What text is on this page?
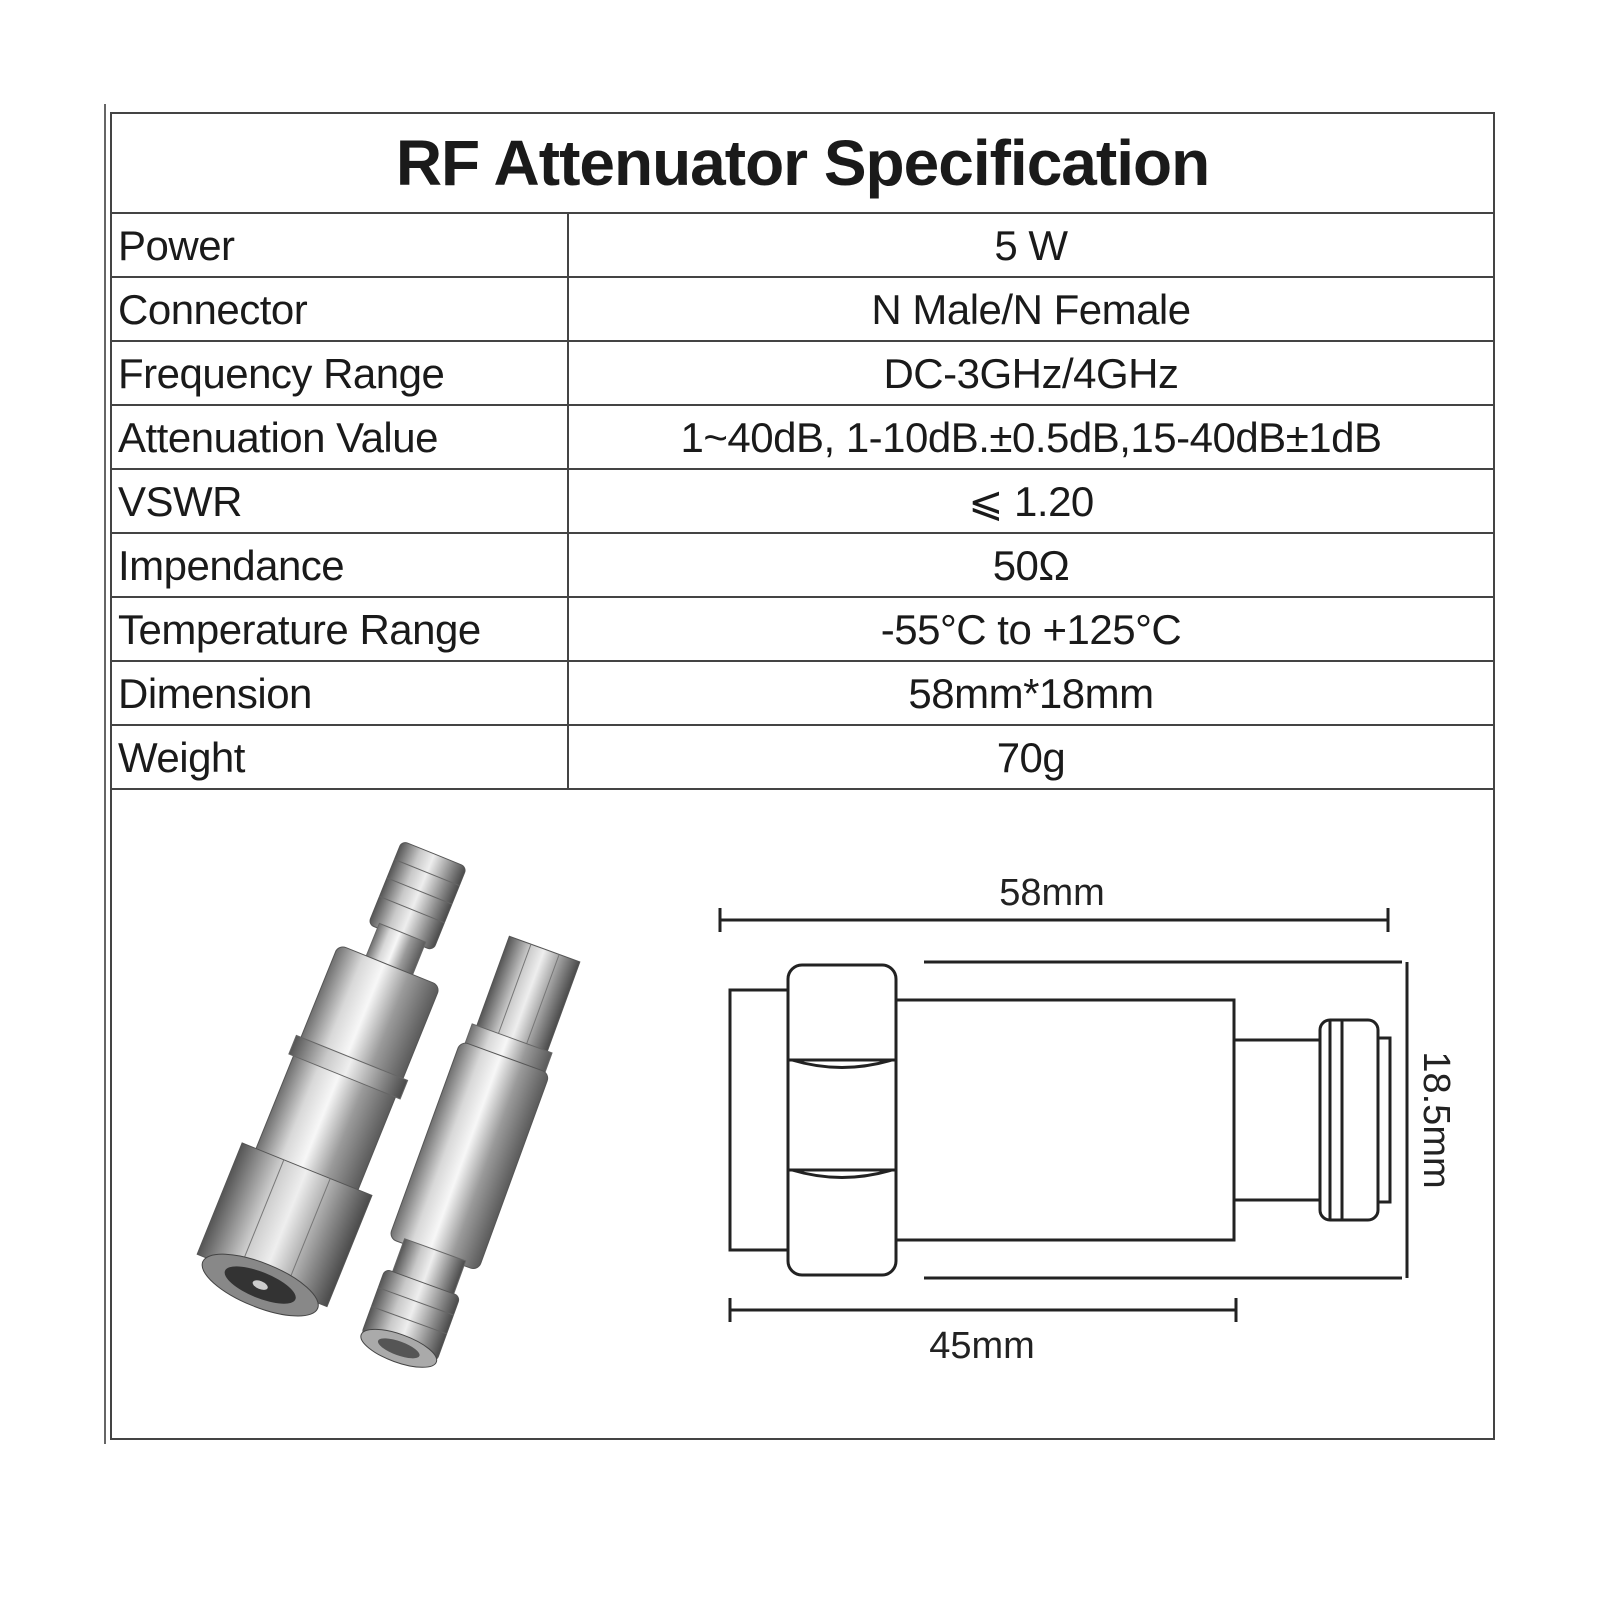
RF Attenuator Specification
Power	5 W
Connector	N Male/N Female
Frequency Range	DC-3GHz/4GHz
Attenuation Value	1~40dB, 1-10dB.±0.5dB,15-40dB±1dB
VSWR	⩽ 1.20
Impendance	50Ω
Temperature Range	-55°C to +125°C
Dimension	58mm*18mm
Weight	70g
58mm
45mm
18.5mm
